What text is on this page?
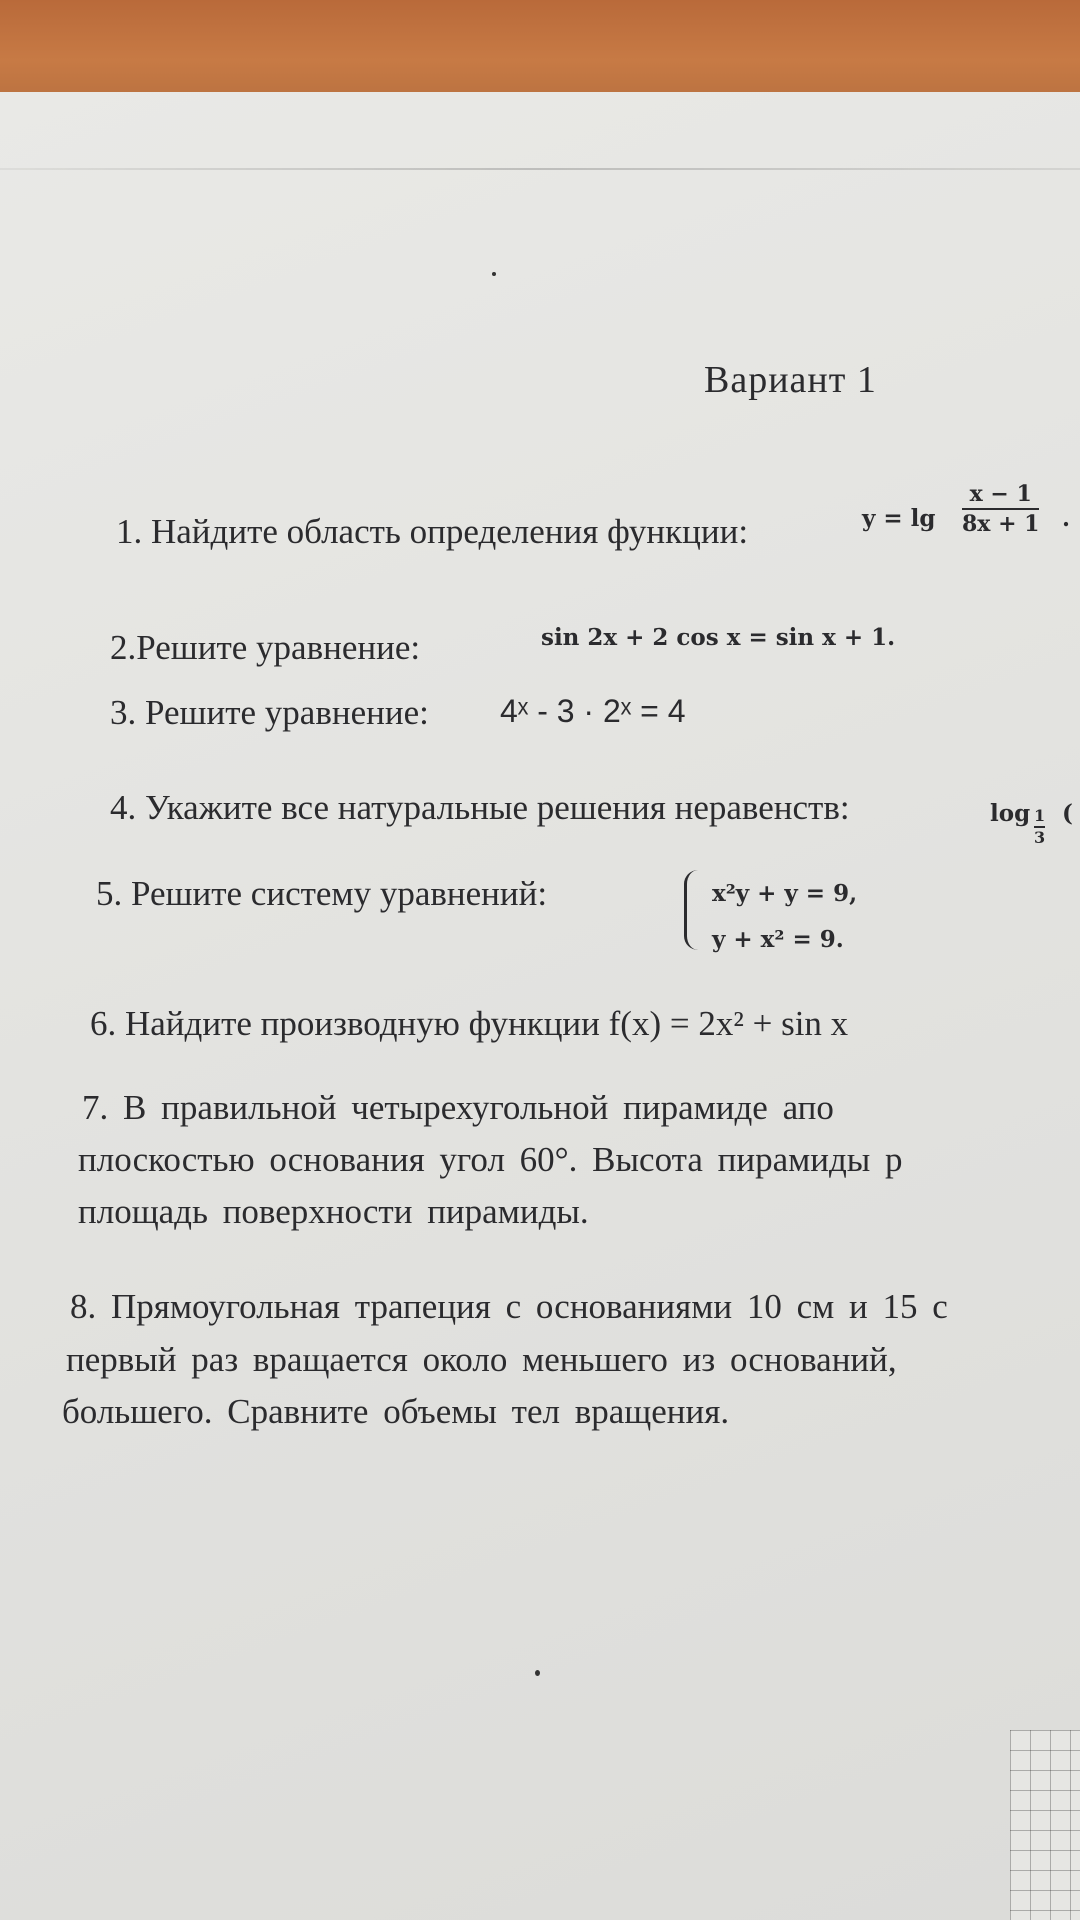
Вариант 1
1. Найдите область определения функции:	y = lg
x − 1
8x + 1 .
2.Решите уравнение:	sin 2x + 2 cos x = sin x + 1.
3. Решите уравнение: 4ˣ - 3 · 2ˣ = 4
4. Укажите все натуральные решения неравенств:	log 1
3
(
5. Решите систему уравнений:	x²y + y = 9,
y + x² = 9.
6. Найдите производную функции f(x) = 2x² + sin x
7. В правильной четырехугольной пирамиде апо
плоскостью основания угол 60°. Высота пирамиды р
площадь поверхности пирамиды.
8. Прямоугольная трапеция с основаниями 10 см и 15 с
первый раз вращается около меньшего из оснований,
большего. Сравните объемы тел вращения.
